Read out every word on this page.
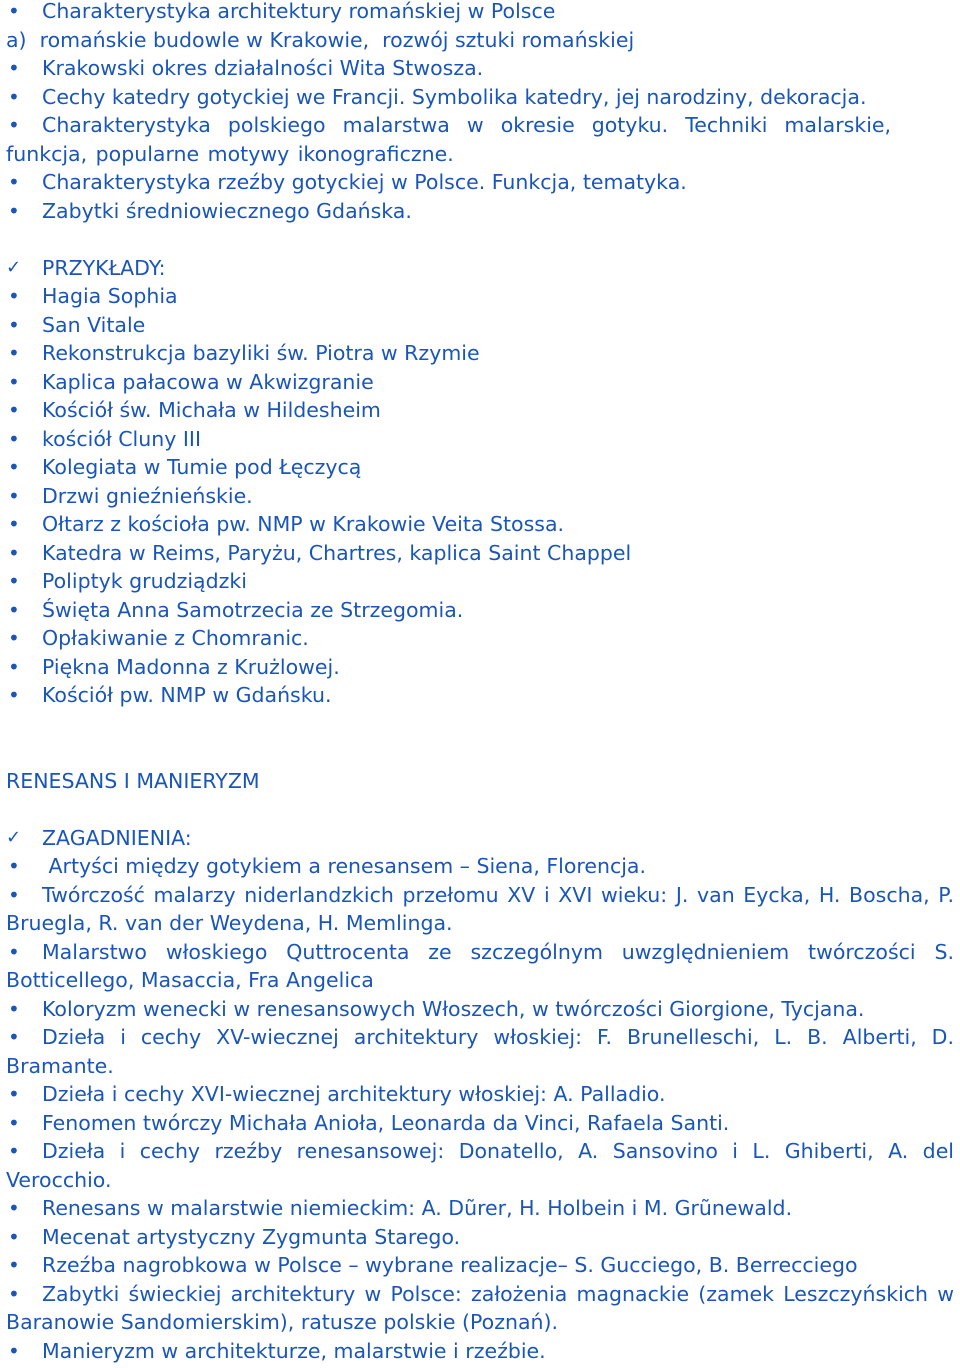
•	Charakterystyka architektury romańskiej w Polsce
a)  romańskie budowle w Krakowie,  rozwój sztuki romańskiej
•	Krakowski okres działalności Wita Stwosza.
•	Cechy katedry gotyckiej we Francji. Symbolika katedry, jej narodziny, dekoracja.
•	Charakterystyka  polskiego  malarstwa  w  okresie  gotyku.  Techniki  malarskie,  funkcja, popularne motywy ikonograficzne.
•	Charakterystyka rzeźby gotyckiej w Polsce. Funkcja, tematyka.
•	Zabytki średniowiecznego Gdańska.
✓ PRZYKŁADY:
•	Hagia Sophia
•	San Vitale
•	Rekonstrukcja bazyliki św. Piotra w Rzymie
•	Kaplica pałacowa w Akwizgranie
•	Kościół św. Michała w Hildesheim
•	kościół Cluny III
•	Kolegiata w Tumie pod Łęczycą
•	Drzwi gnieźnieńskie.
•	Ołtarz z kościoła pw. NMP w Krakowie Veita Stossa.
•	Katedra w Reims, Paryżu, Chartres, kaplica Saint Chappel
•	Poliptyk grudziądzki
•	Święta Anna Samotrzecia ze Strzegomia.
•	Opłakiwanie z Chomranic.
•	Piękna Madonna z Krużlowej.
•	Kościół pw. NMP w Gdańsku.
RENESANS I MANIERYZM
✓ ZAGADNIENIA:
•	Artyści między gotykiem a renesansem – Siena, Florencja.
•	Twórczość malarzy niderlandzkich przełomu XV i XVI wieku: J. van Eycka, H. Boscha, P. Bruegla, R. van der Weydena, H. Memlinga.
•	Malarstwo włoskiego Quttrocenta ze szczególnym uwzględnieniem twórczości S. Botticellego, Masaccia, Fra Angelica
•	Koloryzm wenecki w renesansowych Włoszech, w twórczości Giorgione, Tycjana.
•	Dzieła i cechy XV-wiecznej architektury włoskiej: F. Brunelleschi, L. B. Alberti, D. Bramante.
•	Dzieła i cechy XVI-wiecznej architektury włoskiej: A. Palladio.
•	Fenomen twórczy Michała Anioła, Leonarda da Vinci, Rafaela Santi.
•	Dzieła i cechy rzeźby renesansowej: Donatello, A. Sansovino i L. Ghiberti, A. del Verocchio.
•	Renesans w malarstwie niemieckim: A. Dũrer, H. Holbein i M. Grũnewald.
•	Mecenat artystyczny Zygmunta Starego.
•	Rzeźba nagrobkowa w Polsce – wybrane realizacje– S. Gucciego, B. Berrecciego
•	Zabytki świeckiej architektury w Polsce: założenia magnackie (zamek Leszczyńskich w Baranowie Sandomierskim), ratusze polskie (Poznań).
•	Manieryzm w architekturze, malarstwie i rzeźbie.
